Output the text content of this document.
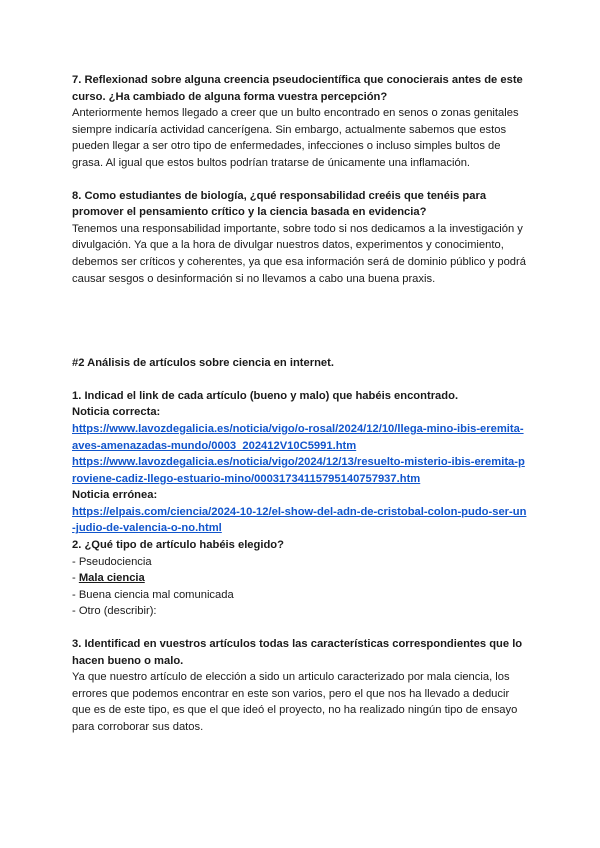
7. Reflexionad sobre alguna creencia pseudocientífica que conocierais antes de este curso. ¿Ha cambiado de alguna forma vuestra percepción?
Anteriormente hemos llegado a creer que un bulto encontrado en senos o zonas genitales siempre indicaría actividad cancerígena. Sin embargo, actualmente sabemos que estos pueden llegar a ser otro tipo de enfermedades, infecciones o incluso simples bultos de grasa. Al igual que estos bultos podrían tratarse de únicamente una inflamación.
8. Como estudiantes de biología, ¿qué responsabilidad creéis que tenéis para promover el pensamiento crítico y la ciencia basada en evidencia?
Tenemos una responsabilidad importante, sobre todo si nos dedicamos a la investigación y divulgación. Ya que a la hora de divulgar nuestros datos, experimentos y conocimiento, debemos ser críticos y coherentes, ya que esa información será de dominio público y podrá causar sesgos o desinformación si no llevamos a cabo una buena praxis.
#2 Análisis de artículos sobre ciencia en internet.
1. Indicad el link de cada artículo (bueno y malo) que habéis encontrado.
Noticia correcta:
https://www.lavozdegalicia.es/noticia/vigo/o-rosal/2024/12/10/llega-mino-ibis-eremita-aves-amenazadas-mundo/0003_202412V10C5991.htm
https://www.lavozdegalicia.es/noticia/vigo/2024/12/13/resuelto-misterio-ibis-eremita-proviene-cadiz-llego-estuario-mino/00031734115795140757937.htm
Noticia errónea:
https://elpais.com/ciencia/2024-10-12/el-show-del-adn-de-cristobal-colon-pudo-ser-un-judio-de-valencia-o-no.html
2. ¿Qué tipo de artículo habéis elegido?
- Pseudociencia
- Mala ciencia
- Buena ciencia mal comunicada
- Otro (describir):
3. Identificad en vuestros artículos todas las características correspondientes que lo hacen bueno o malo.
Ya que nuestro artículo de elección a sido un articulo caracterizado por mala ciencia, los errores que podemos encontrar en este son varios, pero el que nos ha llevado a deducir que es de este tipo, es que el que ideó el proyecto, no ha realizado ningún tipo de ensayo para corroborar sus datos.
